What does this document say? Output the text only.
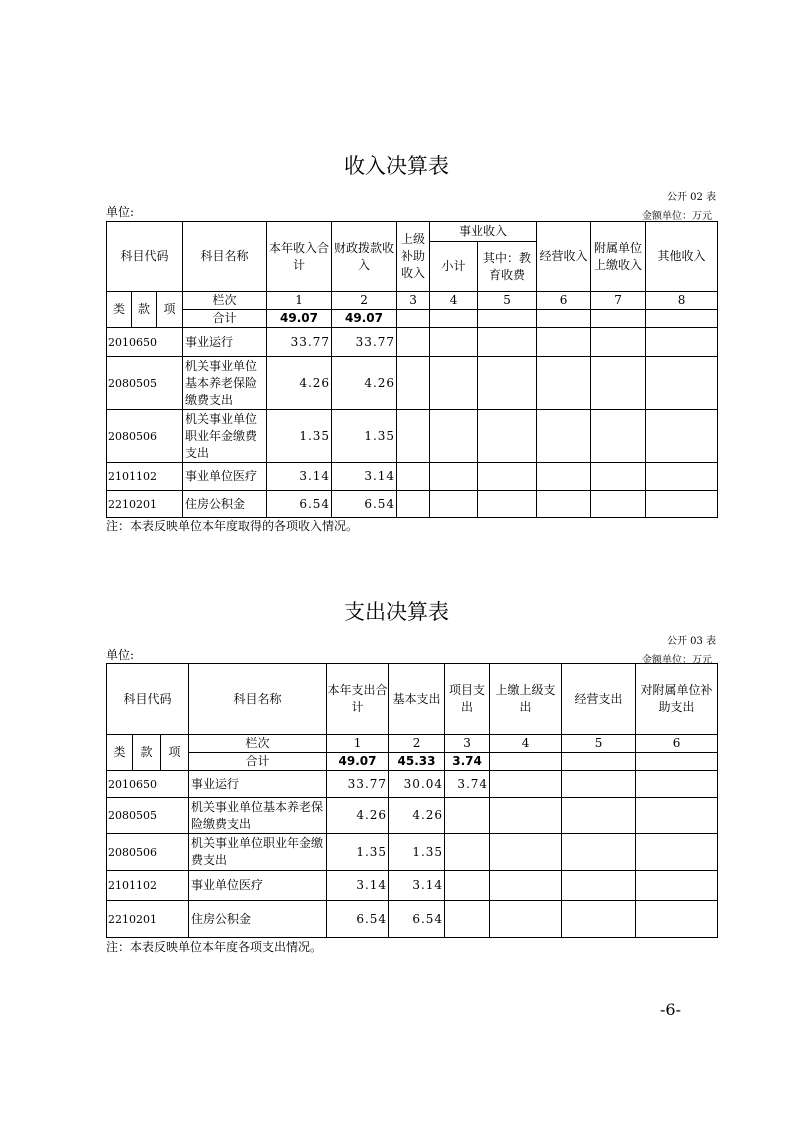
收入决算表
公开 02 表
单位:	金额单位：万元
科目代码			科目名称	本年收入合计	财政拨款收入	上级补助收入	事业收入		经营收入	附属单位上缴收入	其他收入
							小计	其中：教育收费			
类	款	项	栏次	1	2	3	4	5	6	7	8
			合计	49.07	49.07						
2010650			事业运行	33.77	33.77						
2080505			机关事业单位基本养老保险缴费支出	4.26	4.26						
2080506			机关事业单位职业年金缴费支出	1.35	1.35						
2101102			事业单位医疗	3.14	3.14						
2210201			住房公积金	6.54	6.54						
注：本表反映单位本年度取得的各项收入情况。
支出决算表
公开 03 表
单位:	金额单位：万元
科目代码			科目名称	本年支出合计	基本支出	项目支出	上缴上级支出	经营支出	对附属单位补助支出
类	款	项	栏次	1	2	3	4	5	6
			合计	49.07	45.33	3.74			
2010650			事业运行	33.77	30.04	3.74			
2080505			机关事业单位基本养老保险缴费支出	4.26	4.26				
2080506			机关事业单位职业年金缴费支出	1.35	1.35				
2101102			事业单位医疗	3.14	3.14				
2210201			住房公积金	6.54	6.54				
注：本表反映单位本年度各项支出情况。
-6-
